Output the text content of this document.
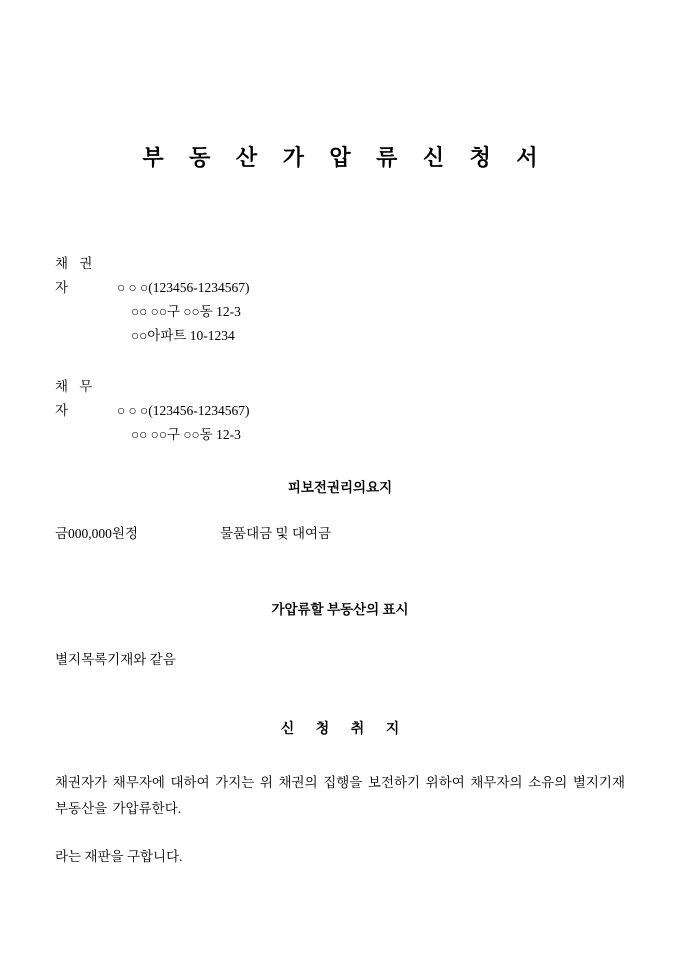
부 동 산 가 압 류 신 청 서
채 권 자	○ ○ ○(123456-1234567)
○○ ○○구 ○○동 12-3
○○아파트 10-1234
채 무 자	○ ○ ○(123456-1234567)
○○ ○○구 ○○동 12-3
피보전권리의요지
금000,000원정	물품대금 및 대여금
가압류할 부동산의 표시
별지목록기재와 같음
신 청 취 지
채권자가 채무자에 대하여 가지는 위 채권의 집행을 보전하기 위하여 채무자의 소유의 별지기재 부동산을 가압류한다.
라는 재판을 구합니다.
